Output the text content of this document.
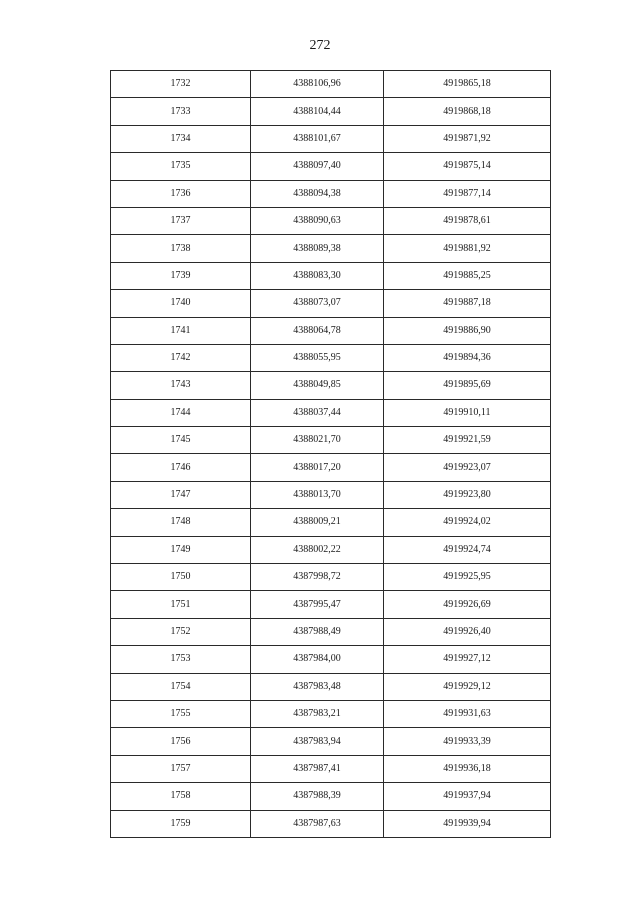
272
1732	4388106,96	4919865,18
1733	4388104,44	4919868,18
1734	4388101,67	4919871,92
1735	4388097,40	4919875,14
1736	4388094,38	4919877,14
1737	4388090,63	4919878,61
1738	4388089,38	4919881,92
1739	4388083,30	4919885,25
1740	4388073,07	4919887,18
1741	4388064,78	4919886,90
1742	4388055,95	4919894,36
1743	4388049,85	4919895,69
1744	4388037,44	4919910,11
1745	4388021,70	4919921,59
1746	4388017,20	4919923,07
1747	4388013,70	4919923,80
1748	4388009,21	4919924,02
1749	4388002,22	4919924,74
1750	4387998,72	4919925,95
1751	4387995,47	4919926,69
1752	4387988,49	4919926,40
1753	4387984,00	4919927,12
1754	4387983,48	4919929,12
1755	4387983,21	4919931,63
1756	4387983,94	4919933,39
1757	4387987,41	4919936,18
1758	4387988,39	4919937,94
1759	4387987,63	4919939,94
